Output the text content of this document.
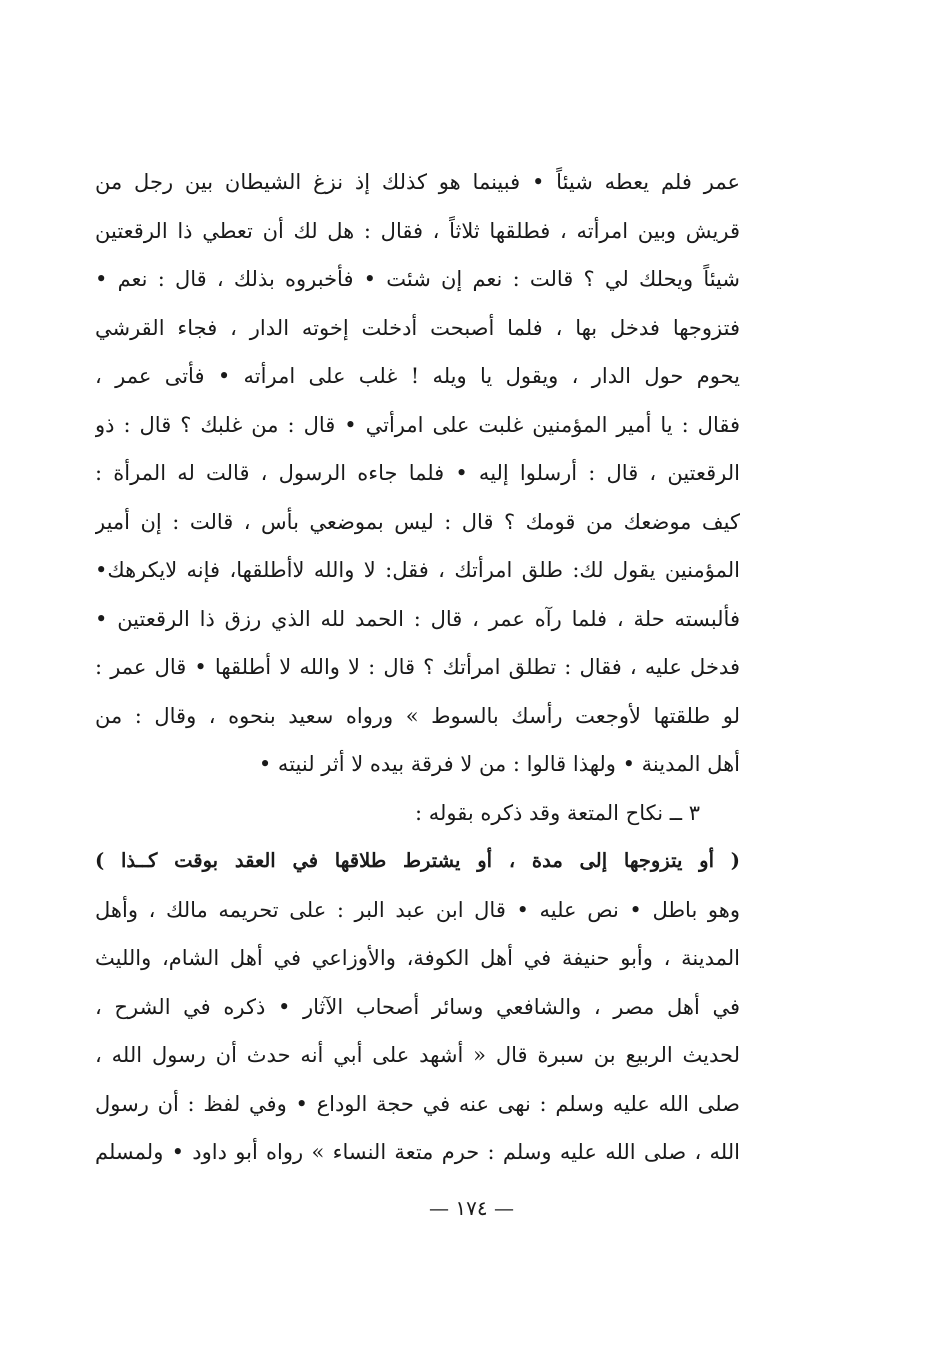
عمر فلم يعطه شيئاً • فبينما هو كذلك إذ نزغ الشيطان بين رجل من
قريش وبين امرأته ، فطلقها ثلاثاً ، فقال : هل لك أن تعطي ذا الرقعتين
شيئاً ويحلك لي ؟ قالت : نعم إن شئت • فأخبروه بذلك ، قال : نعم •
فتزوجها فدخل بها ، فلما أصبحت أدخلت إخوته الدار ، فجاء القرشي
يحوم حول الدار ، ويقول يا ويله ! غلب على امرأته • فأتى عمر ،
فقال : يا أمير المؤمنين غلبت على امرأتي • قال : من غلبك ؟ قال : ذو
الرقعتين ، قال : أرسلوا إليه • فلما جاءه الرسول ، قالت له المرأة :
كيف موضعك من قومك ؟ قال : ليس بموضعي بأس ، قالت : إن أمير
المؤمنين يقول لك: طلق امرأتك ، فقل: لا والله لاأطلقها، فإنه لايكرهك•
فألبسته حلة ، فلما رآه عمر ، قال : الحمد لله الذي رزق ذا الرقعتين •
فدخل عليه ، فقال : تطلق امرأتك ؟ قال : لا والله لا أطلقها • قال عمر :
لو طلقتها لأوجعت رأسك بالسوط » ورواه سعيد بنحوه ، وقال : من
أهل المدينة • ولهذا قالوا : من لا فرقة بيده لا أثر لنيته •
٣ ــ نكاح المتعة وقد ذكره بقوله :
( أو يتزوجها إلى مدة ، أو يشترط طلاقها في العقد بوقت كــذا )
وهو باطل • نص عليه • قال ابن عبد البر : على تحريمه مالك ، وأهل
المدينة ، وأبو حنيفة في أهل الكوفة، والأوزاعي في أهل الشام، والليث
في أهل مصر ، والشافعي وسائر أصحاب الآثار • ذكره في الشرح ،
لحديث الربيع بن سبرة قال « أشهد على أبي أنه حدث أن رسول الله ،
صلى الله عليه وسلم : نهى عنه في حجة الوداع • وفي لفظ : أن رسول
الله ، صلى الله عليه وسلم : حرم متعة النساء » رواه أبو داود • ولمسلم
— ١٧٤ —
